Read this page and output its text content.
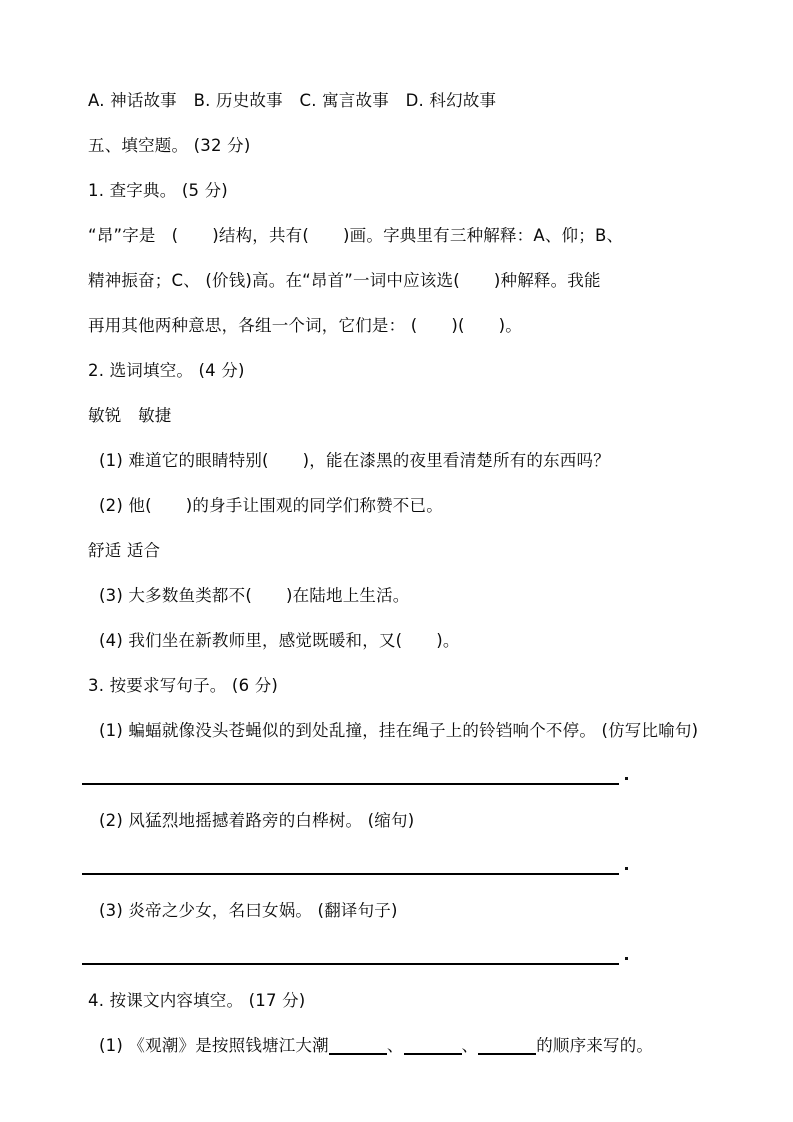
A. 神话故事　B. 历史故事　C. 寓言故事　D. 科幻故事
五、填空题。 (32 分)
1. 查字典。 (5 分)
“昂”字是 ( )结构，共有( )画。字典里有三种解释：A、仰；B、
精神振奋；C、 (价钱)高。在“昂首”一词中应该选( )种解释。我能
再用其他两种意思，各组一个词，它们是： ( )( )。
2. 选词填空。 (4 分)
敏锐　敏捷
(1) 难道它的眼睛特别( )，能在漆黑的夜里看清楚所有的东西吗？
(2) 他( )的身手让围观的同学们称赞不已。
舒适 适合
(3) 大多数鱼类都不( )在陆地上生活。
(4) 我们坐在新教师里，感觉既暖和，又( )。
3. 按要求写句子。 (6 分)
(1) 蝙蝠就像没头苍蝇似的到处乱撞，挂在绳子上的铃铛响个不停。 (仿写比喻句)
(2) 风猛烈地摇撼着路旁的白桦树。 (缩句)
(3) 炎帝之少女，名曰女娲。 (翻译句子)
4. 按课文内容填空。 (17 分)
(1) 《观潮》是按照钱塘江大潮	、	、	的顺序来写的。
